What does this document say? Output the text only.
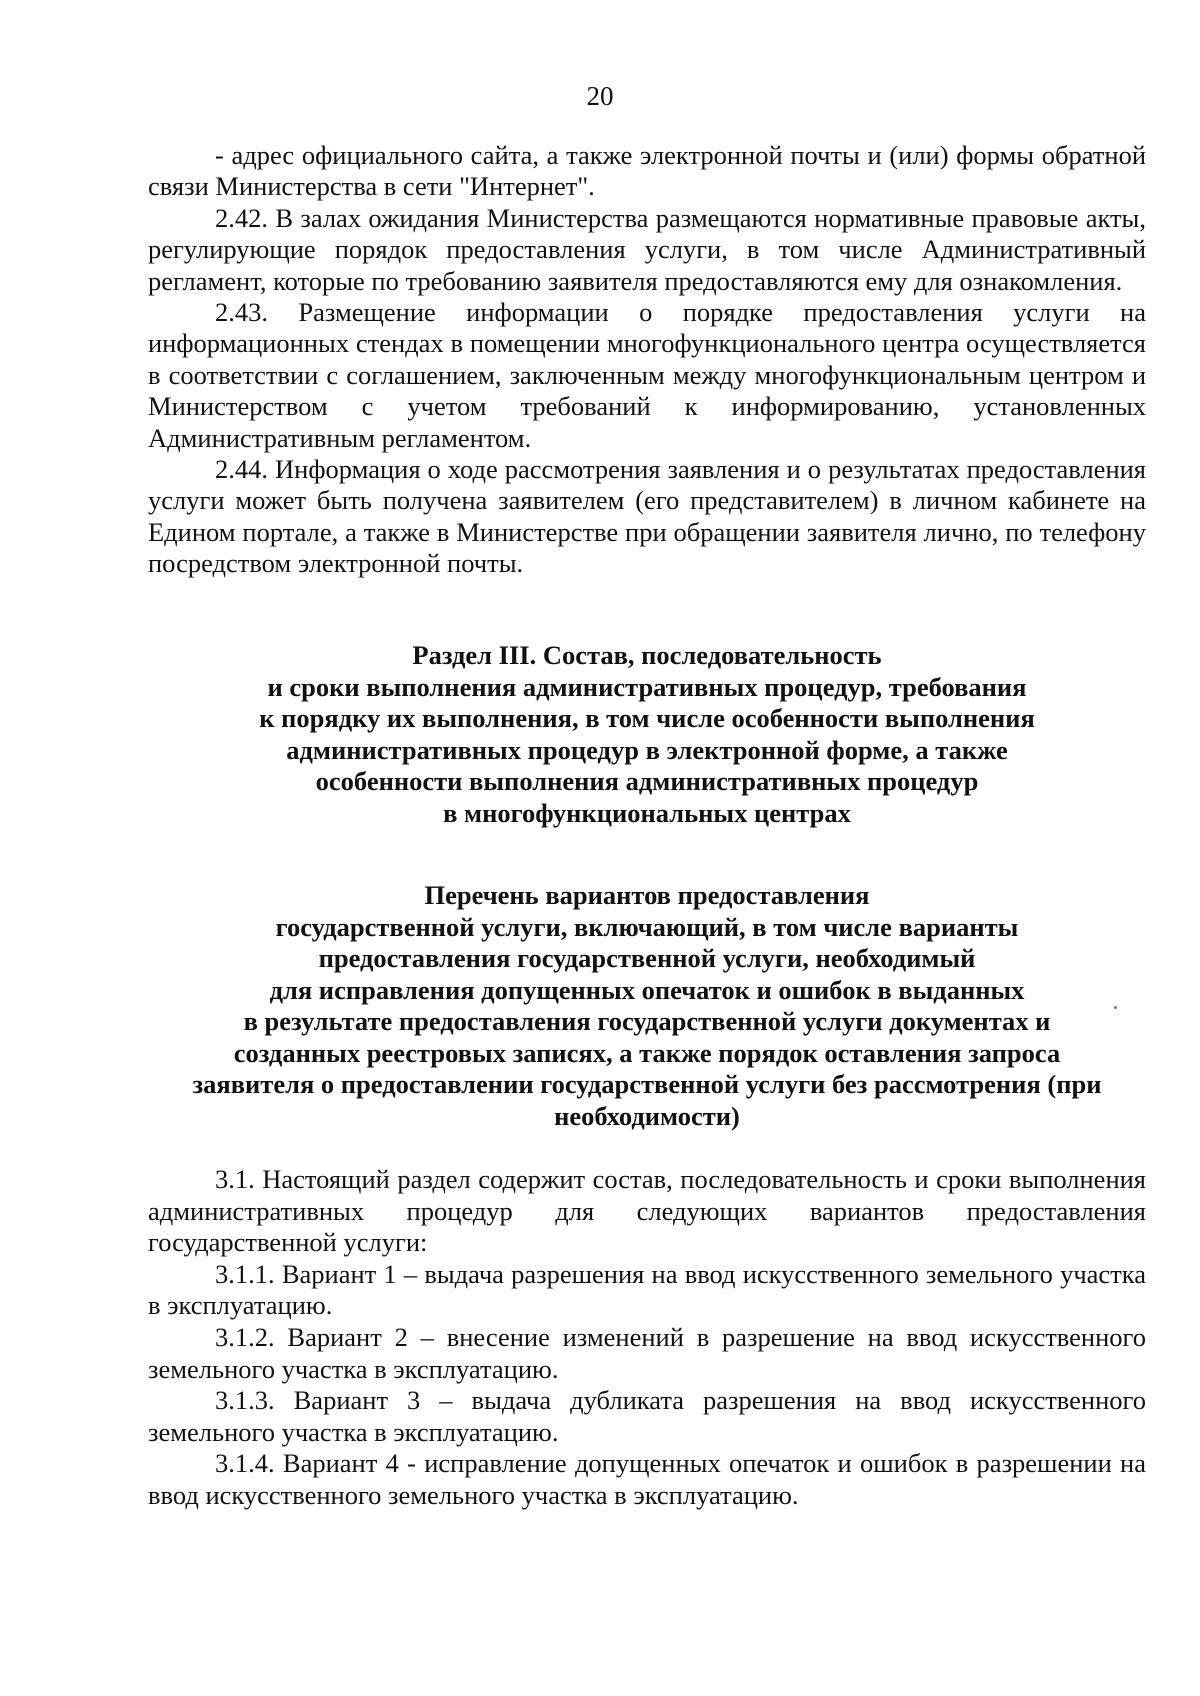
20

- адрес официального сайта, а также электронной почты и (или) формы обратной связи Министерства в сети "Интернет".

2.42. В залах ожидания Министерства размещаются нормативные правовые акты, регулирующие порядок предоставления услуги, в том числе Административный регламент, которые по требованию заявителя предоставляются ему для ознакомления.

2.43. Размещение информации о порядке предоставления услуги на информационных стендах в помещении многофункционального центра осуществляется в соответствии с соглашением, заключенным между многофункциональным центром и Министерством с учетом требований к информированию, установленных Административным регламентом.

2.44. Информация о ходе рассмотрения заявления и о результатах предоставления услуги может быть получена заявителем (его представителем) в личном кабинете на Едином портале, а также в Министерстве при обращении заявителя лично, по телефону посредством электронной почты.

Раздел III. Состав, последовательность
и сроки выполнения административных процедур, требования
к порядку их выполнения, в том числе особенности выполнения
административных процедур в электронной форме, а также
особенности выполнения административных процедур
в многофункциональных центрах

Перечень вариантов предоставления
государственной услуги, включающий, в том числе варианты
предоставления государственной услуги, необходимый
для исправления допущенных опечаток и ошибок в выданных
в результате предоставления государственной услуги документах и
созданных реестровых записях, а также порядок оставления запроса
заявителя о предоставлении государственной услуги без рассмотрения (при
необходимости)

3.1. Настоящий раздел содержит состав, последовательность и сроки выполнения административных процедур для следующих вариантов предоставления государственной услуги:

3.1.1. Вариант 1 – выдача разрешения на ввод искусственного земельного участка в эксплуатацию.

3.1.2. Вариант 2 – внесение изменений в разрешение на ввод искусственного земельного участка в эксплуатацию.

3.1.3. Вариант 3 – выдача дубликата разрешения на ввод искусственного земельного участка в эксплуатацию.

3.1.4. Вариант 4 - исправление допущенных опечаток и ошибок в разрешении на ввод искусственного земельного участка в эксплуатацию.
